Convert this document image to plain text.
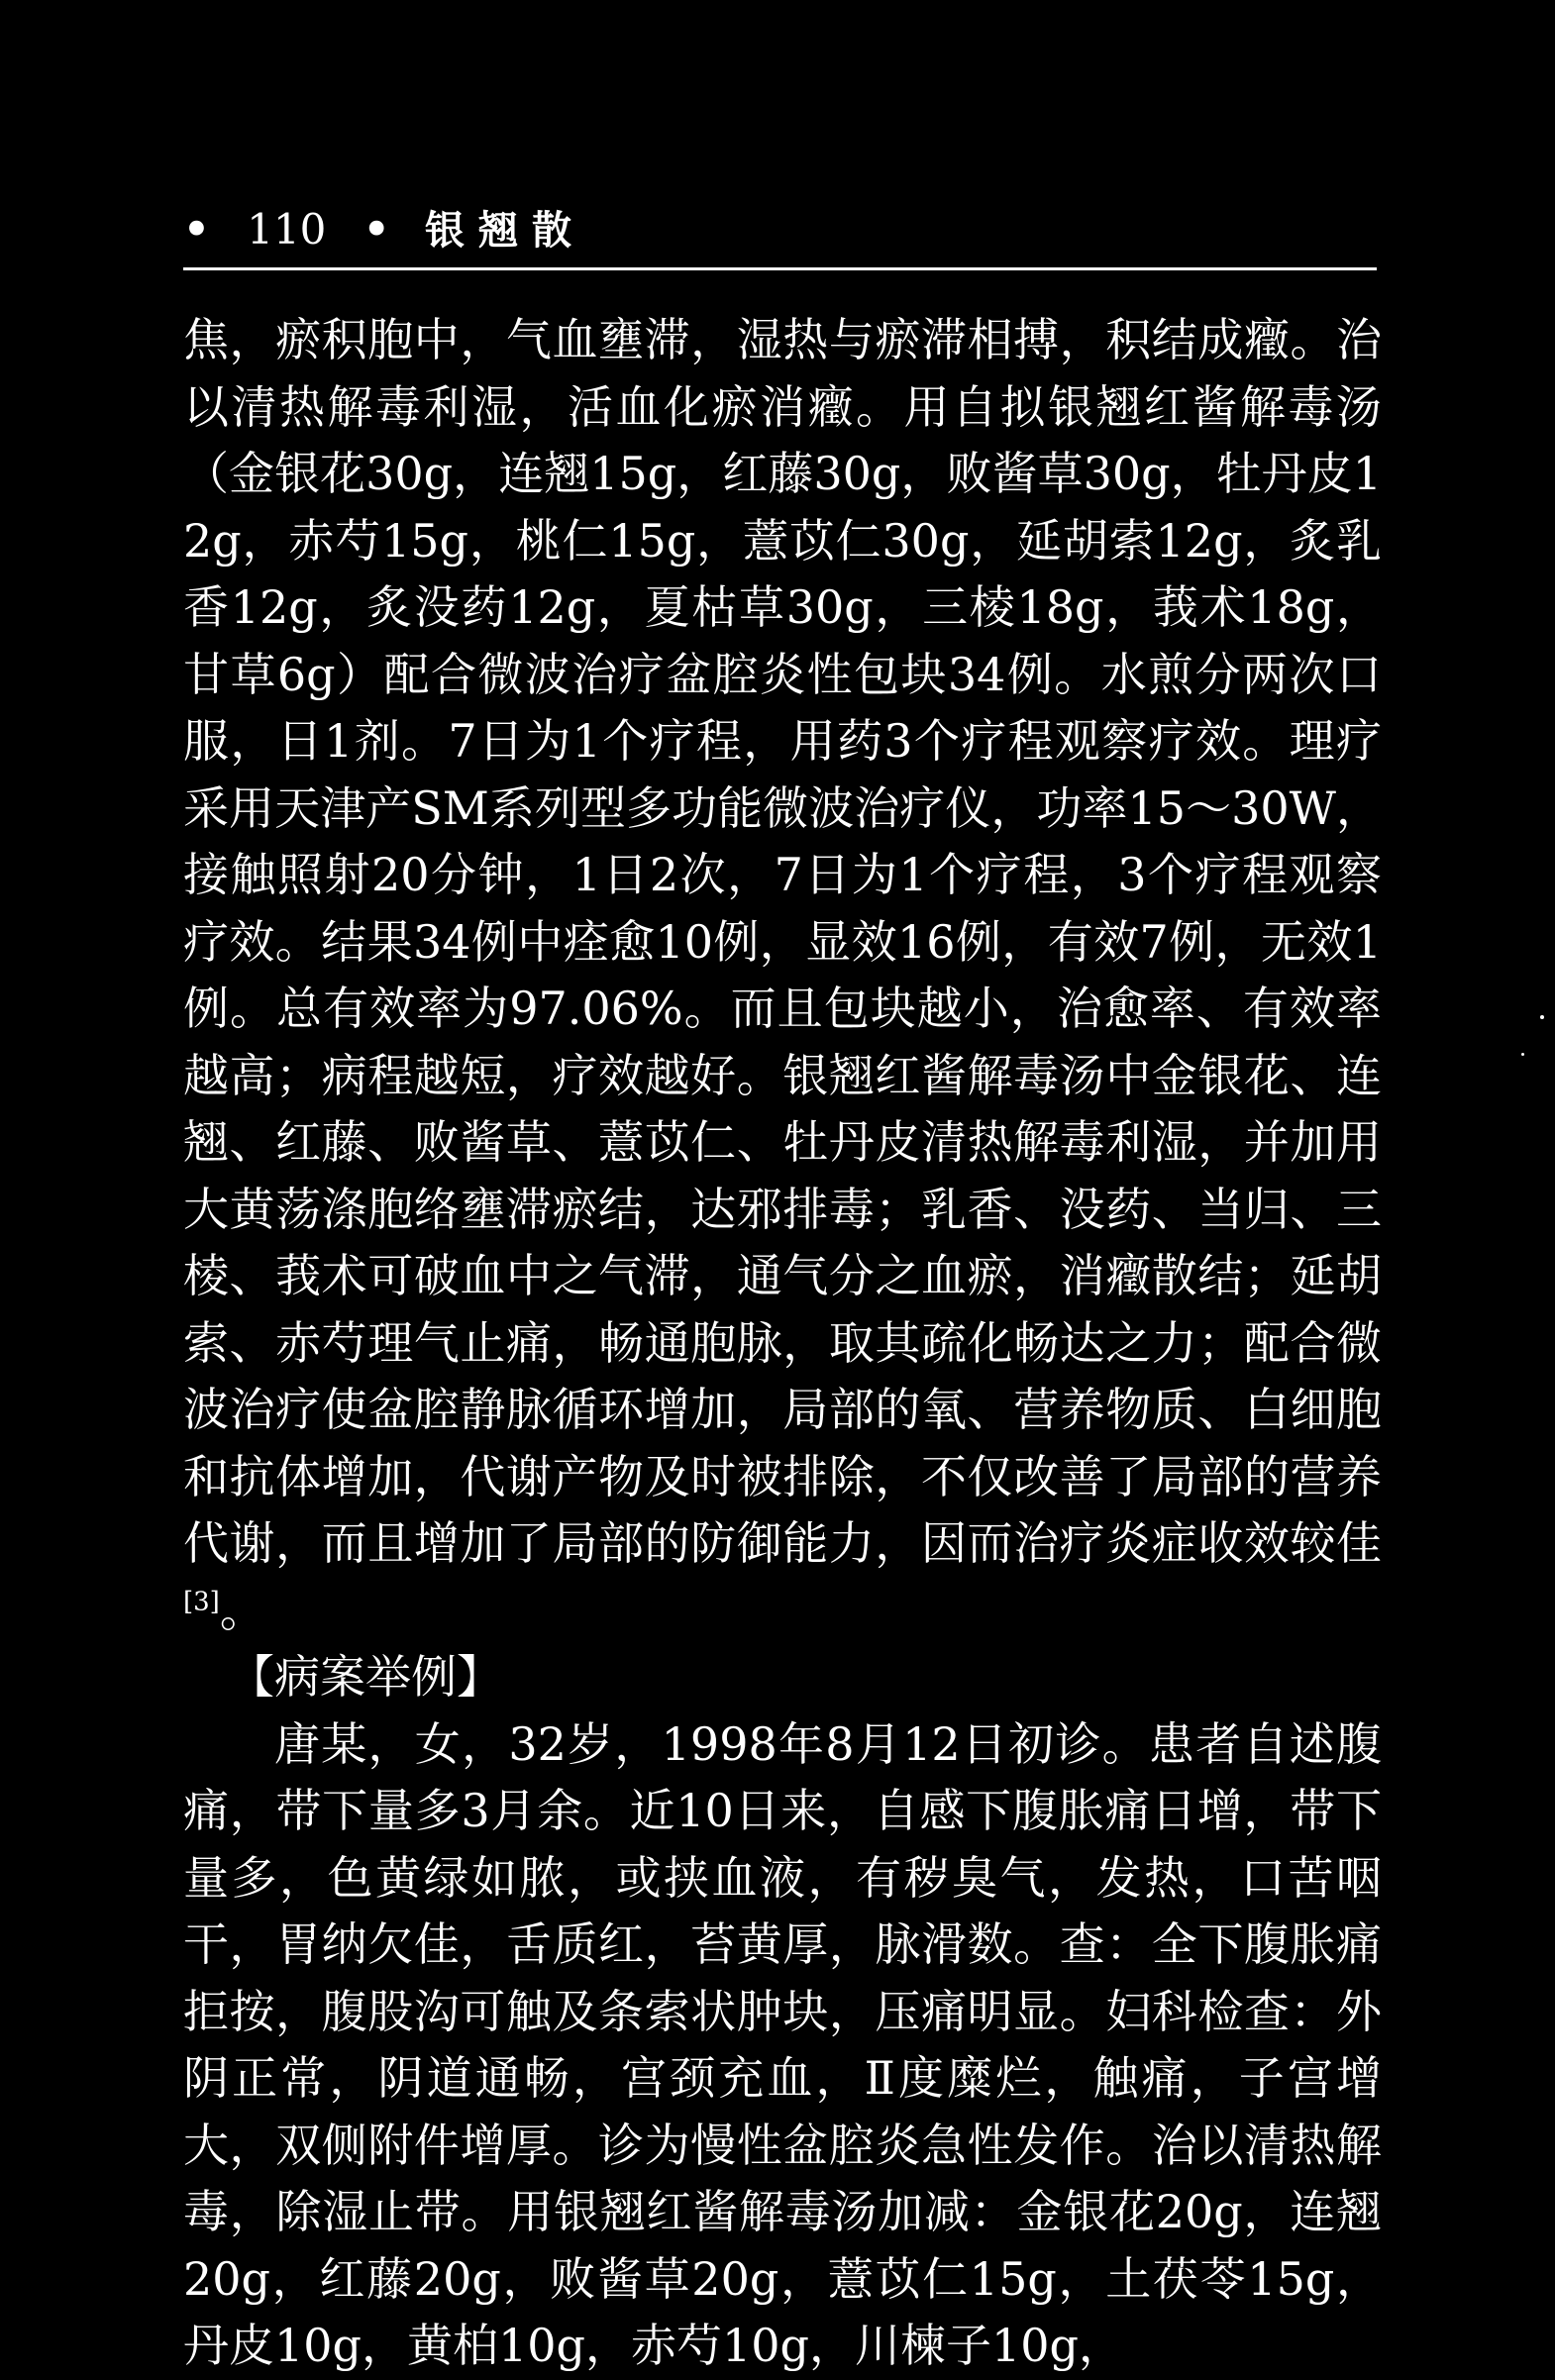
• 110 • 银翘散

焦，瘀积胞中，气血壅滞，湿热与瘀滞相搏，积结成癥。治以清热解毒利湿，活血化瘀消癥。用自拟银翘红酱解毒汤（金银花30g，连翘15g，红藤30g，败酱草30g，牡丹皮12g，赤芍15g，桃仁15g，薏苡仁30g，延胡索12g，炙乳香12g，炙没药12g，夏枯草30g，三棱18g，莪术18g，甘草6g）配合微波治疗盆腔炎性包块34例。水煎分两次口服，日1剂。7日为1个疗程，用药3个疗程观察疗效。理疗采用天津产SM系列型多功能微波治疗仪，功率15～30W，接触照射20分钟，1日2次，7日为1个疗程，3个疗程观察疗效。结果34例中痊愈10例，显效16例，有效7例，无效1例。总有效率为97.06%。而且包块越小，治愈率、有效率越高；病程越短，疗效越好。银翘红酱解毒汤中金银花、连翘、红藤、败酱草、薏苡仁、牡丹皮清热解毒利湿，并加用大黄荡涤胞络壅滞瘀结，达邪排毒；乳香、没药、当归、三棱、莪术可破血中之气滞，通气分之血瘀，消癥散结；延胡索、赤芍理气止痛，畅通胞脉，取其疏化畅达之力；配合微波治疗使盆腔静脉循环增加，局部的氧、营养物质、白细胞和抗体增加，代谢产物及时被排除，不仅改善了局部的营养代谢，而且增加了局部的防御能力，因而治疗炎症收效较佳[3]。

【病案举例】

唐某，女，32岁，1998年8月12日初诊。患者自述腹痛，带下量多3月余。近10日来，自感下腹胀痛日增，带下量多，色黄绿如脓，或挟血液，有秽臭气，发热，口苦咽干，胃纳欠佳，舌质红，苔黄厚，脉滑数。查：全下腹胀痛拒按，腹股沟可触及条索状肿块，压痛明显。妇科检查：外阴正常，阴道通畅，宫颈充血，Ⅱ度糜烂，触痛，子宫增大，双侧附件增厚。诊为慢性盆腔炎急性发作。治以清热解毒，除湿止带。用银翘红酱解毒汤加减：金银花20g，连翘20g，红藤20g，败酱草20g，薏苡仁15g，土茯苓15g，丹皮10g，黄柏10g，赤芍10g，川楝子10g，
